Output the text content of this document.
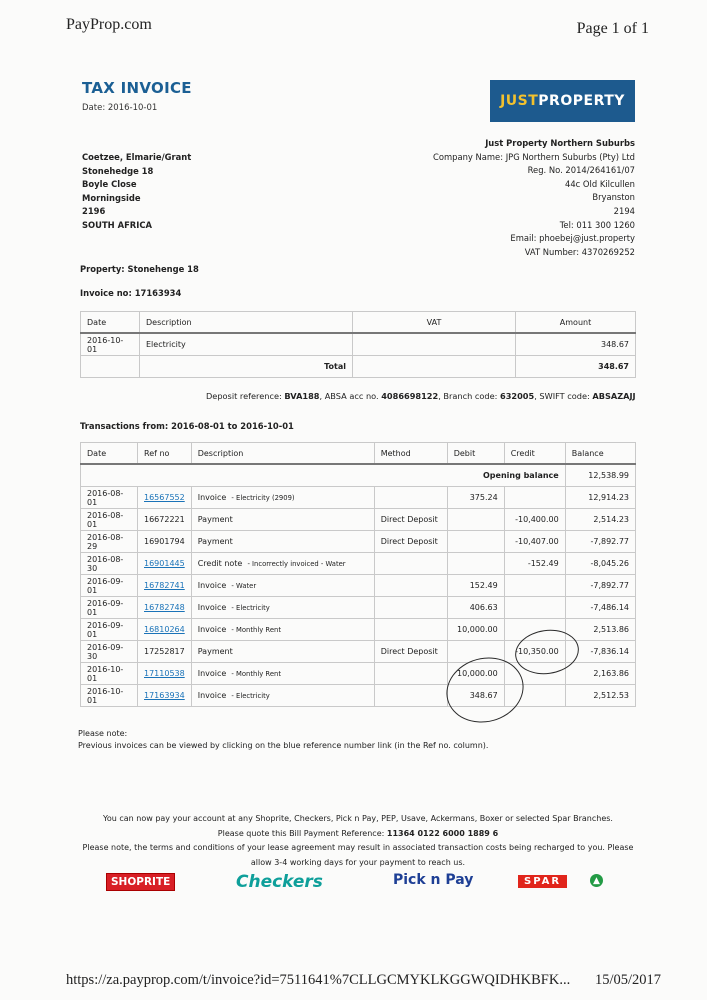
PayProp.com	Page 1 of 1
TAX INVOICE
Date: 2016-10-01	JUST PROPERTY
Just Property Northern Suburbs
Company Name: JPG Northern Suburbs (Pty) Ltd
Reg. No. 2014/264161/07
44c Old Kilcullen
Bryanston
2194
Tel: 011 300 1260
Email: phoebej@just.property
VAT Number: 4370269252
Coetzee, Elmarie/Grant
Stonehedge 18
Boyle Close
Morningside
2196
SOUTH AFRICA
Property: Stonehenge 18
Invoice no: 17163934
Date	Description	VAT	Amount
2016-10-01	Electricity		348.67
	Total		348.67
Deposit reference: BVA188, ABSA acc no. 4086698122, Branch code: 632005, SWIFT code: ABSAZAJJ
Transactions from: 2016-08-01 to 2016-10-01
Date	Ref no	Description	Method	Debit	Credit	Balance
Opening balance						12,538.99
2016-08-01	16567552	Invoice - Electricity (2909)		375.24		12,914.23
2016-08-01	16672221	Payment	Direct Deposit		-10,400.00	2,514.23
2016-08-29	16901794	Payment	Direct Deposit		-10,407.00	-7,892.77
2016-08-30	16901445	Credit note - Incorrectly invoiced - Water			-152.49	-8,045.26
2016-09-01	16782741	Invoice - Water		152.49		-7,892.77
2016-09-01	16782748	Invoice - Electricity		406.63		-7,486.14
2016-09-01	16810264	Invoice - Monthly Rent		10,000.00		2,513.86
2016-09-30	17252817	Payment	Direct Deposit		-10,350.00	-7,836.14
2016-10-01	17110538	Invoice - Monthly Rent		10,000.00		2,163.86
2016-10-01	17163934	Invoice - Electricity		348.67		2,512.53
Please note:
Previous invoices can be viewed by clicking on the blue reference number link (in the Ref no. column).
You can now pay your account at any Shoprite, Checkers, Pick n Pay, PEP, Usave, Ackermans, Boxer or selected Spar Branches.
Please quote this Bill Payment Reference: 11364 0122 6000 1889 6
Please note, the terms and conditions of your lease agreement may result in associated transaction costs being recharged to you. Please
allow 3-4 working days for your payment to reach us.
SHOPRITE	Checkers	Pick n Pay	SPAR	▲
https://za.payprop.com/t/invoice?id=7511641%7CLLGCMYKLKGGWQIDHKBFK... 15/05/2017
